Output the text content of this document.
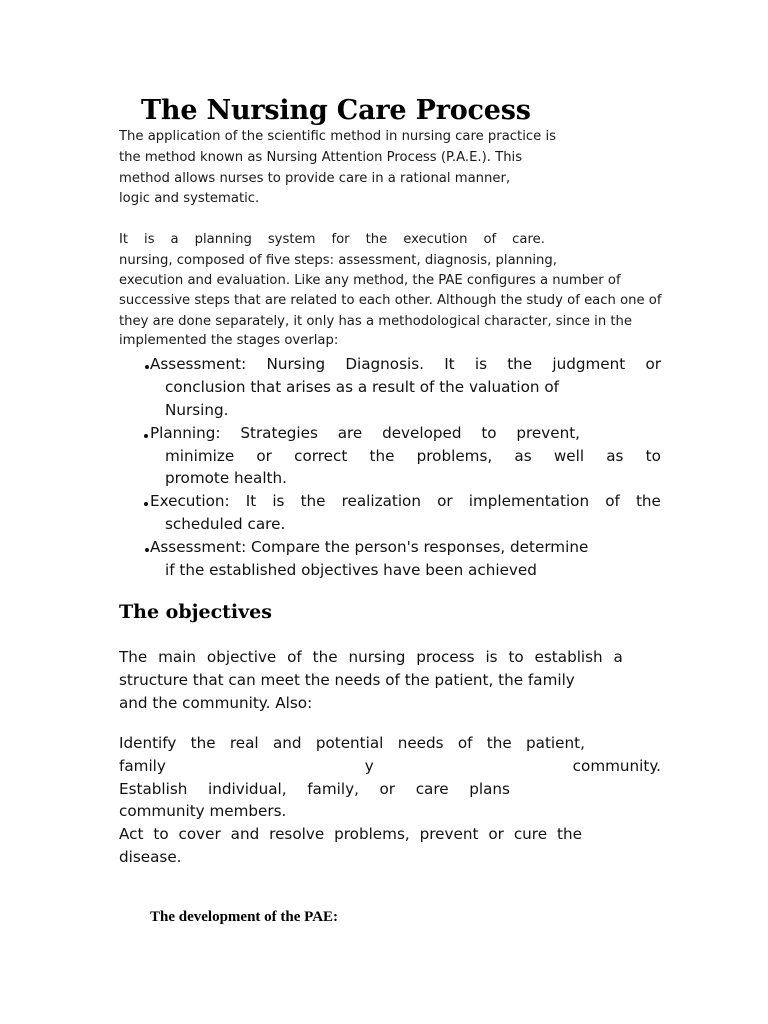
The Nursing Care Process
The application of the scientific method in nursing care practice is
the method known as Nursing Attention Process (P.A.E.). This
method allows nurses to provide care in a rational manner,
logic and systematic.
It is a planning system for the execution of care.
nursing, composed of five steps: assessment, diagnosis, planning,
execution and evaluation. Like any method, the PAE configures a number of
successive steps that are related to each other. Although the study of each one of
they are done separately, it only has a methodological character, since in the
implemented the stages overlap:
Assessment: Nursing Diagnosis. It is the judgment or
conclusion that arises as a result of the valuation of
Nursing.
Planning: Strategies are developed to prevent,
minimize or correct the problems, as well as to
promote health.
Execution: It is the realization or implementation of the
scheduled care.
Assessment: Compare the person's responses, determine
if the established objectives have been achieved
The objectives
The main objective of the nursing process is to establish a
structure that can meet the needs of the patient, the family
and the community. Also:
Identify the real and potential needs of the patient,
family	y	community.
Establish individual, family, or care plans
community members.
Act to cover and resolve problems, prevent or cure the
disease.
The development of the PAE:
